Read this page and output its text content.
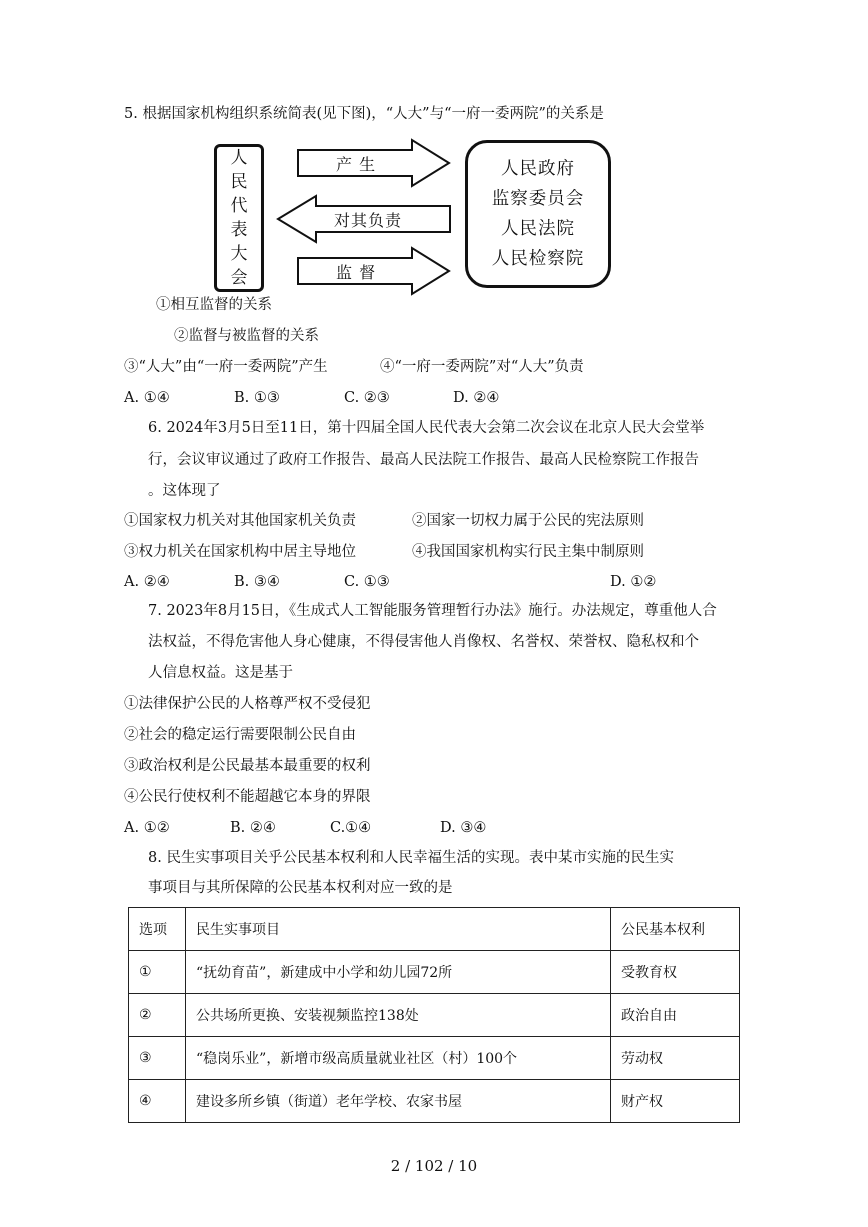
5. 根据国家机构组织系统简表(见下图)，“人大”与“一府一委两院”的关系是
人
民
代
表
大
会
产 生
对其负责
监 督
人民政府
监察委员会
人民法院
人民检察院
①相互监督的关系
②监督与被监督的关系
③“人大”由“一府一委两院”产生	④“一府一委两院”对“人大”负责
A. ①④	B. ①③	C. ②③	D. ②④
6. 2024年3月5日至11日，第十四届全国人民代表大会第二次会议在北京人民大会堂举
行，会议审议通过了政府工作报告、最高人民法院工作报告、最高人民检察院工作报告
。这体现了
①国家权力机关对其他国家机关负责	②国家一切权力属于公民的宪法原则
③权力机关在国家机构中居主导地位	④我国国家机构实行民主集中制原则
A. ②④	B. ③④	C. ①③	D. ①②
7. 2023年8月15日，《生成式人工智能服务管理暂行办法》施行。办法规定，尊重他人合
法权益，不得危害他人身心健康，不得侵害他人肖像权、名誉权、荣誉权、隐私权和个
人信息权益。这是基于
①法律保护公民的人格尊严权不受侵犯
②社会的稳定运行需要限制公民自由
③政治权利是公民最基本最重要的权利
④公民行使权利不能超越它本身的界限
A. ①②	B. ②④	C.①④	D. ③④
8. 民生实事项目关乎公民基本权利和人民幸福生活的实现。表中某市实施的民生实
事项目与其所保障的公民基本权利对应一致的是
选项	民生实事项目	公民基本权利
①	“抚幼育苗”，新建成中小学和幼儿园72所	受教育权
②	公共场所更换、安装视频监控138处	政治自由
③	“稳岗乐业”，新增市级高质量就业社区（村）100个	劳动权
④	建设多所乡镇（街道）老年学校、农家书屋	财产权
2 / 102 / 10
